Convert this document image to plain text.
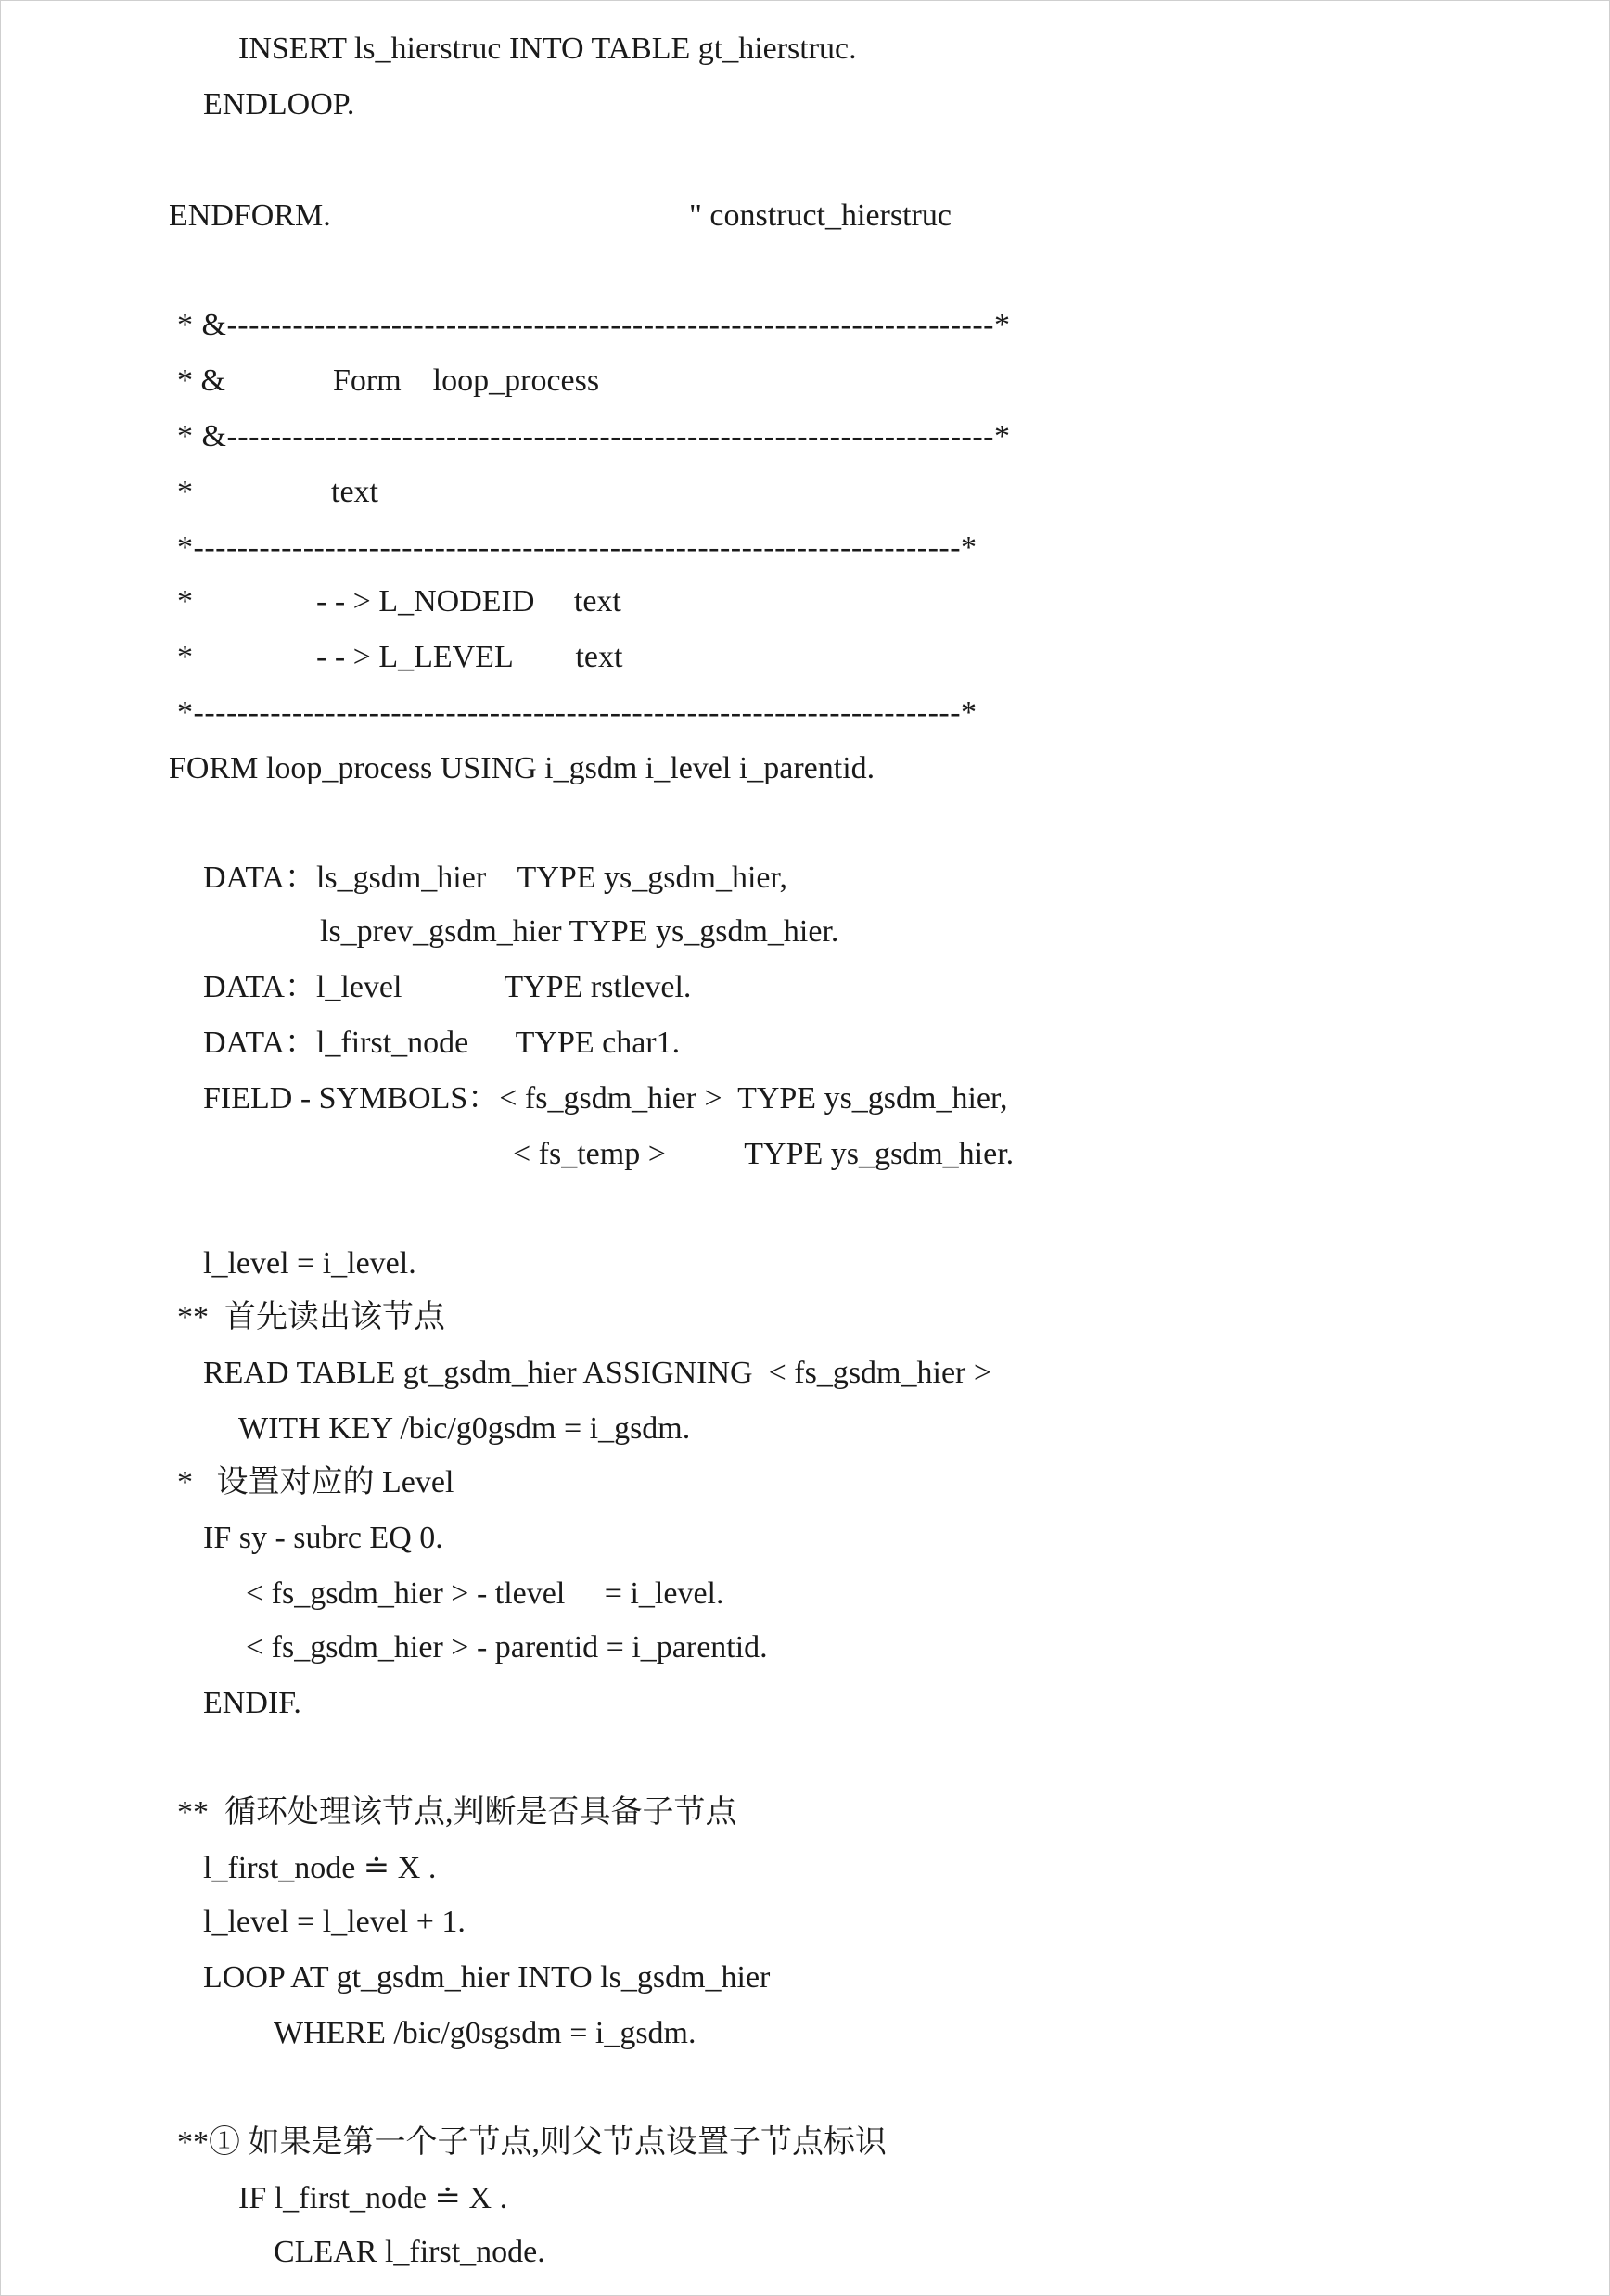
INSERT ls_hierstruc INTO TABLE gt_hierstruc.
ENDLOOP.
ENDFORM.	" construct_hierstruc
* &----------------------------------------------------------------------*
* &	Form    loop_process
* &----------------------------------------------------------------------*
*	text
*----------------------------------------------------------------------*
*	- - > L_NODEID     text
*	- - > L_LEVEL        text
*----------------------------------------------------------------------*
FORM loop_process USING i_gsdm i_level i_parentid.
DATA：ls_gsdm_hier    TYPE ys_gsdm_hier,
ls_prev_gsdm_hier TYPE ys_gsdm_hier.
DATA：l_level             TYPE rstlevel.
DATA：l_first_node      TYPE char1.
FIELD - SYMBOLS：< fs_gsdm_hier >  TYPE ys_gsdm_hier,
< fs_temp >          TYPE ys_gsdm_hier.
l_level = i_level.
**  首先读出该节点
READ TABLE gt_gsdm_hier ASSIGNING  < fs_gsdm_hier >
WITH KEY /bic/g0gsdm = i_gsdm.
*   设置对应的 Level
IF sy - subrc EQ 0.
< fs_gsdm_hier > - tlevel     = i_level.
< fs_gsdm_hier > - parentid = i_parentid.
ENDIF.
**  循环处理该节点,判断是否具备子节点
l_first_node ≐ X .
l_level = l_level + 1.
LOOP AT gt_gsdm_hier INTO ls_gsdm_hier
WHERE /bic/g0sgsdm = i_gsdm.
**① 如果是第一个子节点,则父节点设置子节点标识
IF l_first_node ≐ X .
CLEAR l_first_node.
